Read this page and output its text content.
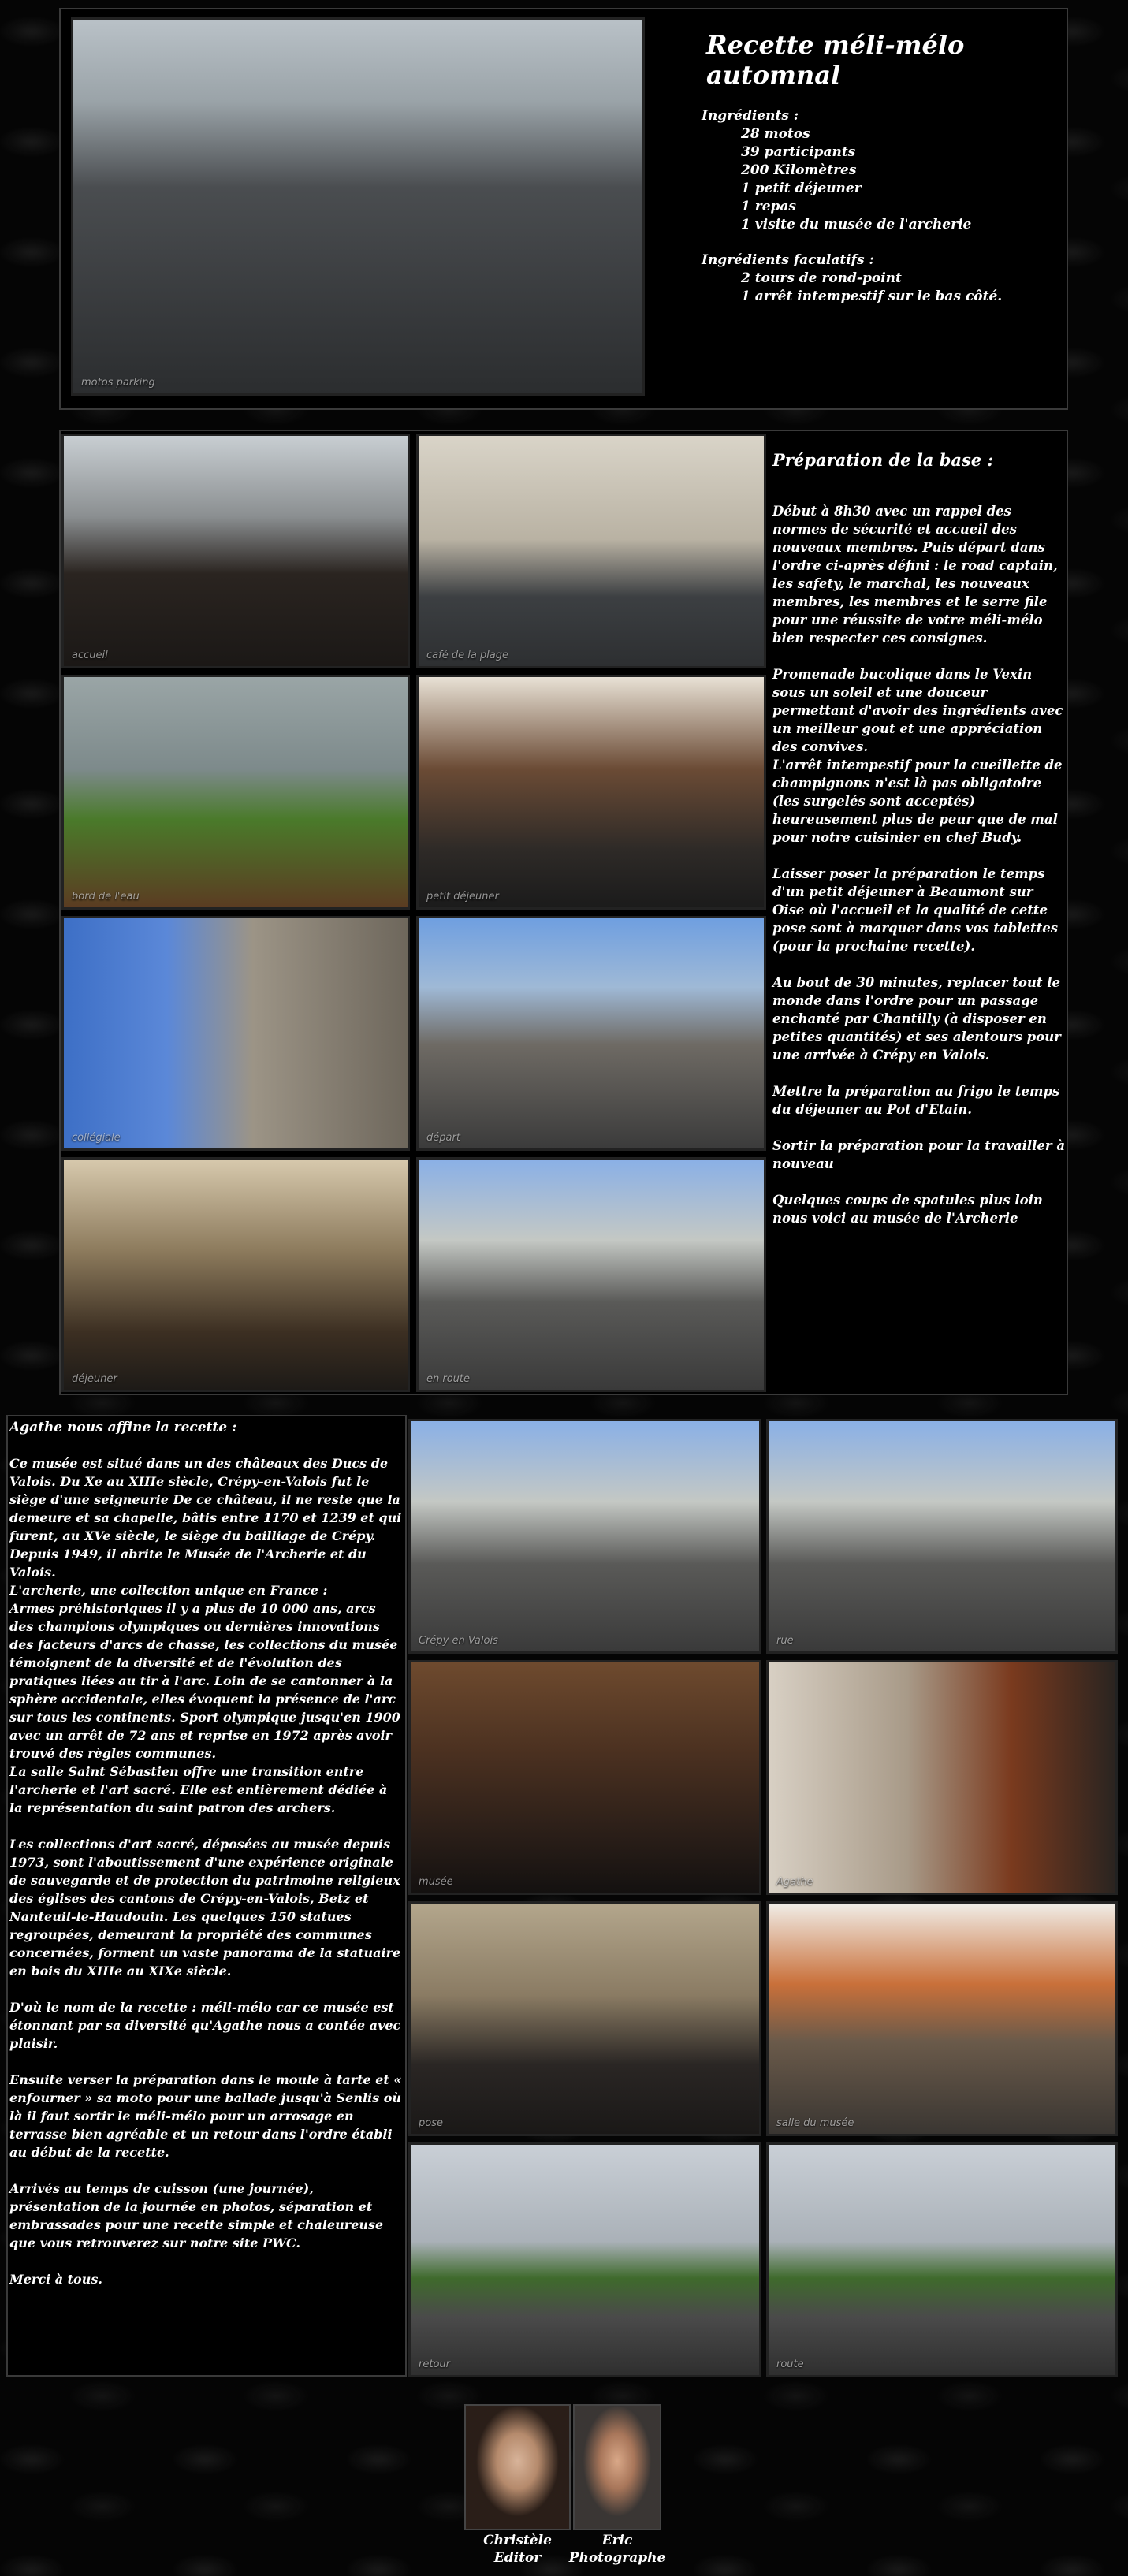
motos parking
Recette méli-mélo automnal

Ingrédients :

28 motos

39 participants

200 Kilomètres

1 petit déjeuner

1 repas

1 visite du musée de l'archerie

Ingrédients faculatifs :

2 tours de rond-point

1 arrêt intempestif sur le bas côté.

accueil	café de la plage
bord de l'eau	petit déjeuner
collégiale	départ
déjeuner	en route

Préparation de la base :

Début à 8h30 avec un rappel des normes de sécurité et accueil des nouveaux membres. Puis départ dans l'ordre ci-après défini : le road captain, les safety, le marchal, les nouveaux membres, les membres et le serre file pour une réussite de votre méli-mélo bien respecter ces consignes.

Promenade bucolique dans le Vexin sous un soleil et une douceur permettant d'avoir des ingrédients avec un meilleur gout et une appréciation des convives.

L'arrêt intempestif pour la cueillette de champignons n'est là pas obligatoire (les surgelés sont acceptés) heureusement plus de peur que de mal pour notre cuisinier en chef Budy.

Laisser poser la préparation le temps d'un petit déjeuner à Beaumont sur Oise où l'accueil et la qualité de cette pose sont à marquer dans vos tablettes (pour la prochaine recette).

Au bout de 30 minutes, replacer tout le monde dans l'ordre pour un passage enchanté par Chantilly (à disposer en petites quantités) et ses alentours pour une arrivée à Crépy en Valois.

Mettre la préparation au frigo le temps du déjeuner au Pot d'Etain.

Sortir la préparation pour la travailler à nouveau

Quelques coups de spatules plus loin nous voici au musée de l'Archerie

Agathe nous affine la recette :

Ce musée est situé dans un des châteaux des Ducs de Valois. Du Xe au XIIIe siècle, Crépy-en-Valois fut le siège d'une seigneurie De ce château, il ne reste que la demeure et sa chapelle, bâtis entre 1170 et 1239 et qui furent, au XVe siècle, le siège du bailliage de Crépy.

Depuis 1949, il abrite le Musée de l'Archerie et du Valois.

L'archerie, une collection unique en France :

Armes préhistoriques il y a plus de 10 000 ans, arcs des champions olympiques ou dernières innovations des facteurs d'arcs de chasse, les collections du musée témoignent de la diversité et de l'évolution des pratiques liées au tir à l'arc. Loin de se cantonner à la sphère occidentale, elles évoquent la présence de l'arc sur tous les continents. Sport olympique jusqu'en 1900 avec un arrêt de 72 ans et reprise en 1972 après avoir trouvé des règles communes.

La salle Saint Sébastien offre une transition entre l'archerie et l'art sacré. Elle est entièrement dédiée à la représentation du saint patron des archers.

Les collections d'art sacré, déposées au musée depuis 1973, sont l'aboutissement d'une expérience originale de sauvegarde et de protection du patrimoine religieux des églises des cantons de Crépy-en-Valois, Betz et Nanteuil-le-Haudouin. Les quelques 150 statues regroupées, demeurant la propriété des communes concernées, forment un vaste panorama de la statuaire en bois du XIIIe au XIXe siècle.

D'où le nom de la recette : méli-mélo car ce musée est étonnant par sa diversité qu'Agathe nous a contée avec plaisir.

Ensuite verser la préparation dans le moule à tarte et « enfourner » sa moto pour une ballade jusqu'à Senlis où là il faut sortir le méli-mélo pour un arrosage en terrasse bien agréable et un retour dans l'ordre établi au début de la recette.

Arrivés au temps de cuisson (une journée), présentation de la journée en photos, séparation et embrassades pour une recette simple et chaleureuse que vous retrouverez sur notre site PWC.

Merci à tous.

Crépy en Valois	rue
musée	Agathe
pose	salle du musée
retour	route
Christèle
Editor
Eric
Photographe
